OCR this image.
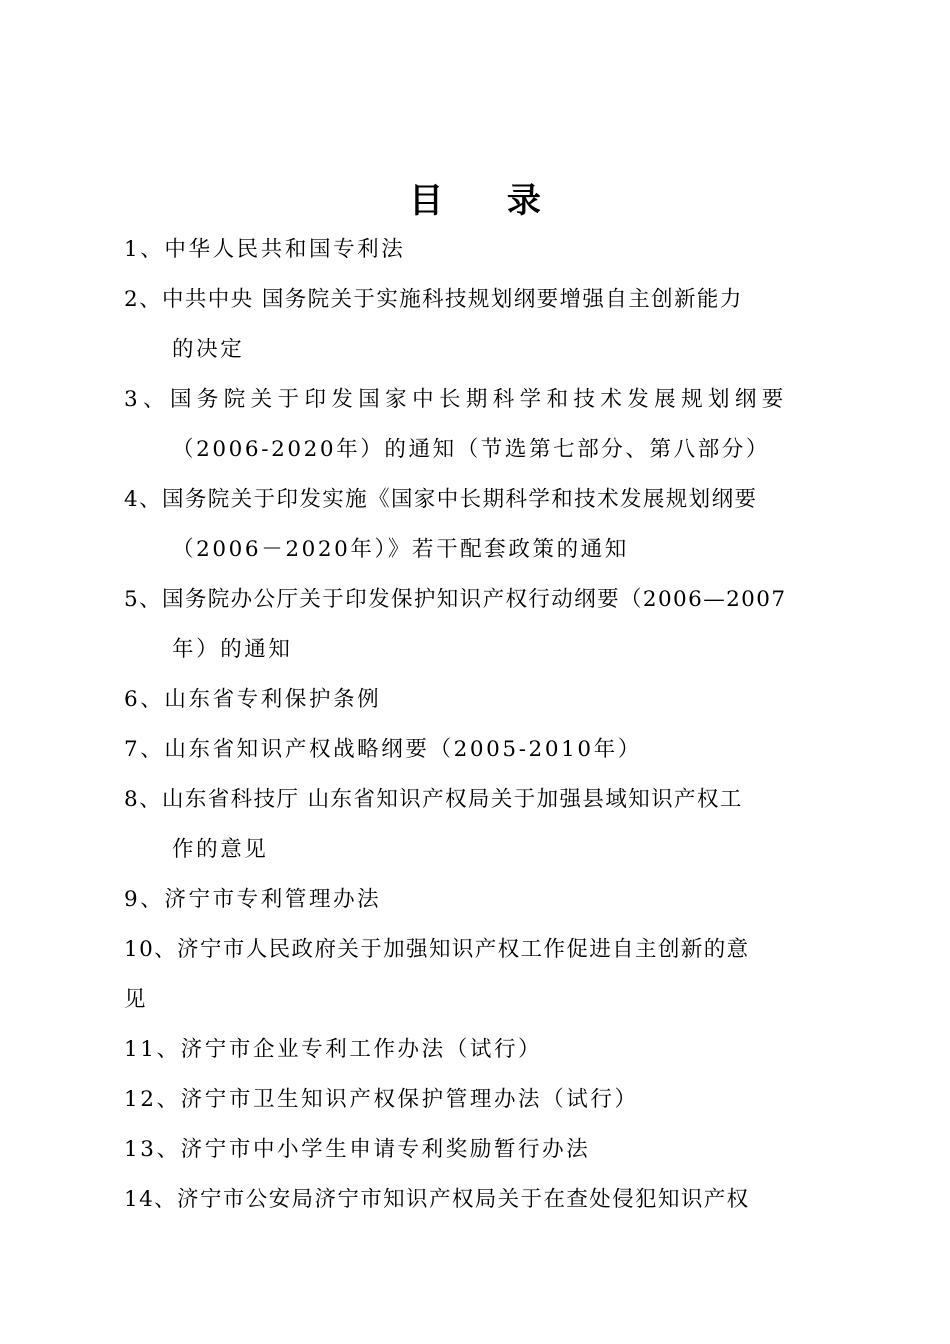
目 录
1、中华人民共和国专利法
2、中共中央 国务院关于实施科技规划纲要增强自主创新能力
的决定
3、国务院关于印发国家中长期科学和技术发展规划纲要
（2006-2020年）的通知（节选第七部分、第八部分）
4、国务院关于印发实施《国家中长期科学和技术发展规划纲要
（2006－2020年）》若干配套政策的通知
5、国务院办公厅关于印发保护知识产权行动纲要（2006—2007
年）的通知
6、山东省专利保护条例
7、山东省知识产权战略纲要（2005-2010年）
8、山东省科技厅 山东省知识产权局关于加强县域知识产权工
作的意见
9、济宁市专利管理办法
10、济宁市人民政府关于加强知识产权工作促进自主创新的意
见
11、济宁市企业专利工作办法（试行）
12、济宁市卫生知识产权保护管理办法（试行）
13、济宁市中小学生申请专利奖励暂行办法
14、济宁市公安局济宁市知识产权局关于在查处侵犯知识产权
